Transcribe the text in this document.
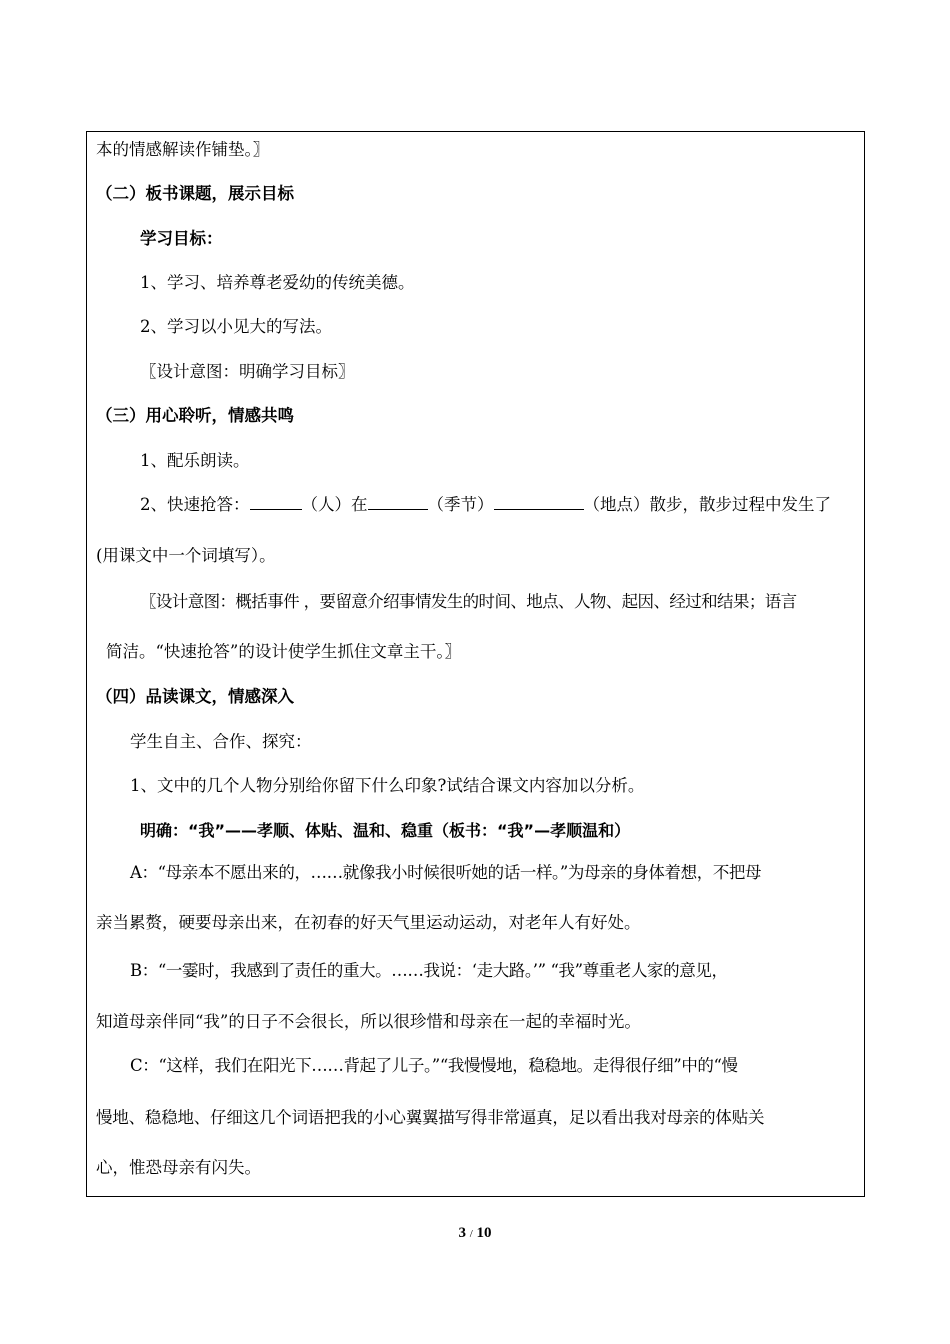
本的情感解读作铺垫。〗
（二）板书课题，展示目标
学习目标：
1、学习、培养尊老爱幼的传统美德。
2、学习以小见大的写法。
〖设计意图：明确学习目标〗
（三）用心聆听，情感共鸣
1、配乐朗读。
2、快速抢答：	（人）在	（季节）	（地点）散步，散步过程中发生了
(用课文中一个词填写）。
〖设计意图：概括事件 ，要留意介绍事情发生的时间、地点、人物、起因、经过和结果；语言
简洁。“快速抢答”的设计使学生抓住文章主干。〗
（四）品读课文，情感深入
学生自主、合作、探究：
1、文中的几个人物分别给你留下什么印象?试结合课文内容加以分析。
明确：“我”——孝顺、体贴、温和、稳重（板书：“我”—孝顺温和）
A：“母亲本不愿出来的，……就像我小时候很听她的话一样。”为母亲的身体着想，不把母
亲当累赘，硬要母亲出来，在初春的好天气里运动运动，对老年人有好处。
B：“一霎时，我感到了责任的重大。……我说：‘走大路。’” “我”尊重老人家的意见，
知道母亲伴同“我”的日子不会很长，所以很珍惜和母亲在一起的幸福时光。
C：“这样，我们在阳光下……背起了儿子。”“我慢慢地，稳稳地。走得很仔细”中的“慢
慢地、稳稳地、仔细这几个词语把我的小心翼翼描写得非常逼真，足以看出我对母亲的体贴关
心，惟恐母亲有闪失。
3 / 10
